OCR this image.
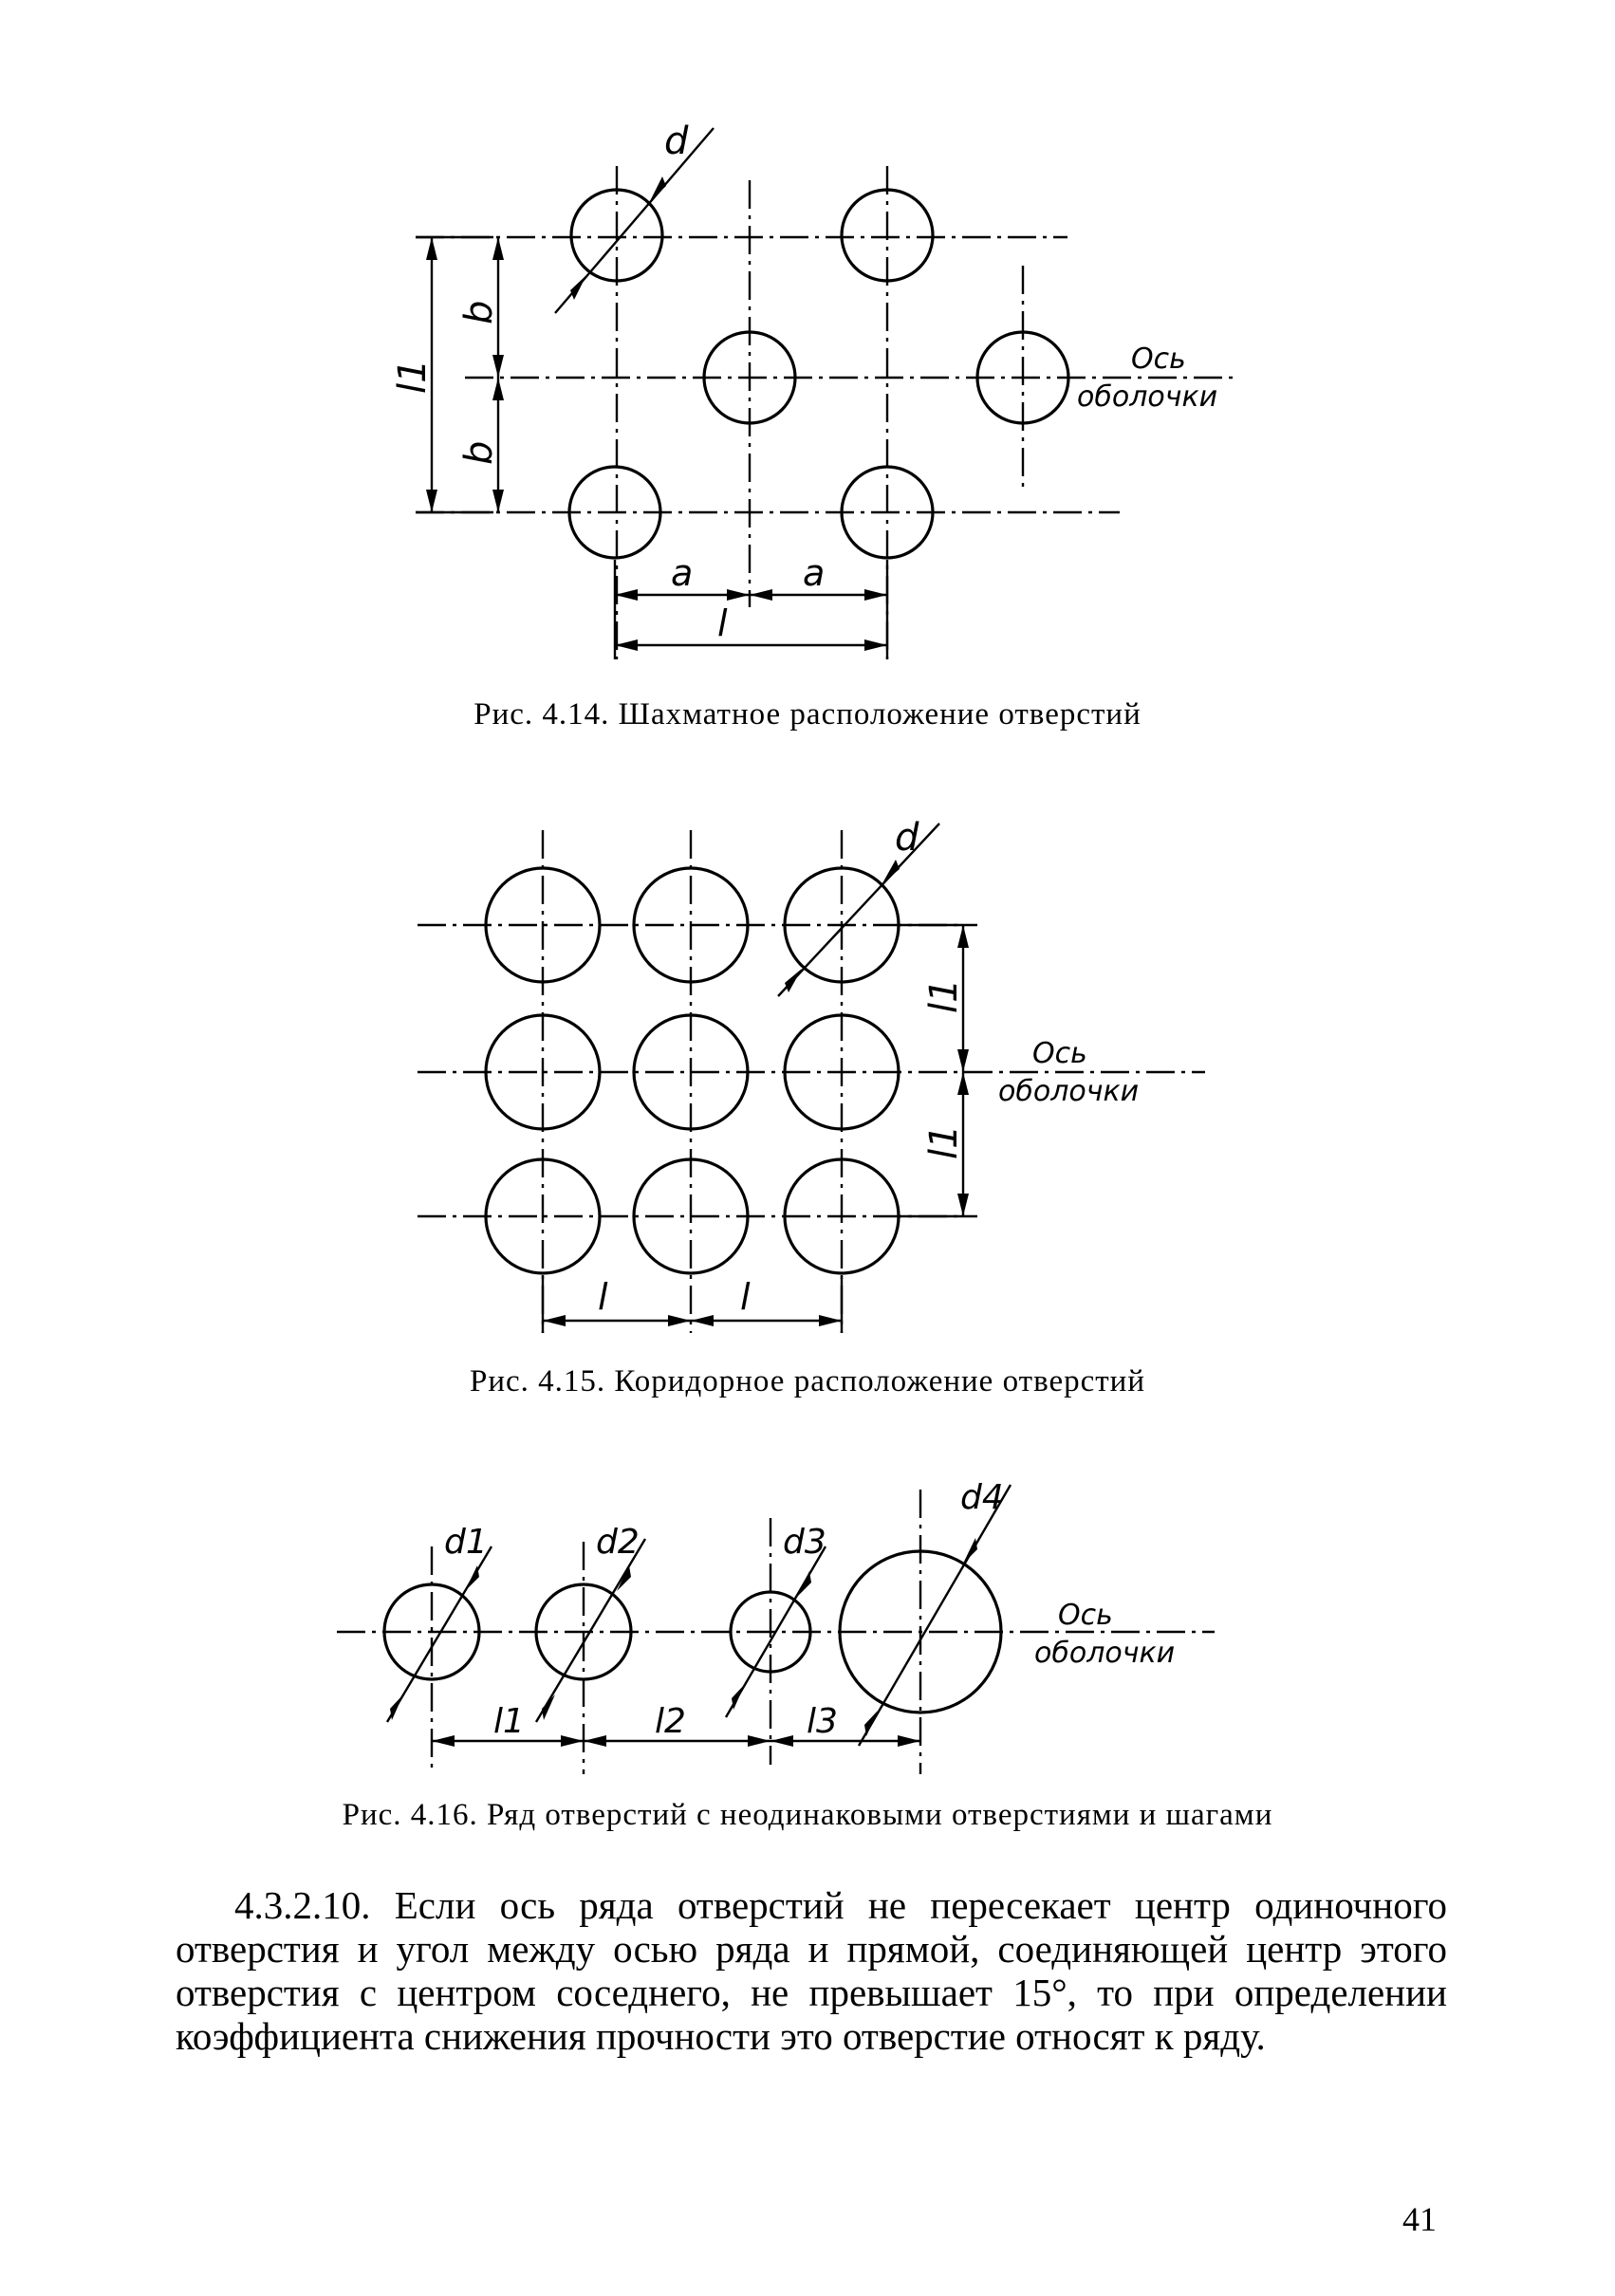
d
l1
b
b
a	a
l
Ось
оболочки
Рис. 4.14. Шахматное расположение отверстий
d
l1
l1
l	l
Ось
оболочки
Рис. 4.15. Коридорное расположение отверстий
d1	d2	d3
d4
l1	l2	l3
Ось
оболочки
Рис. 4.16. Ряд отверстий с неодинаковыми отверстиями и шагами
4.3.2.10. Если ось ряда отверстий не пересекает центр одиночного отверстия и угол между осью ряда и прямой, соединяющей центр этого отверстия с центром соседнего, не превышает 15°, то при определении коэффициента снижения прочности это отверстие относят к ряду.
41
